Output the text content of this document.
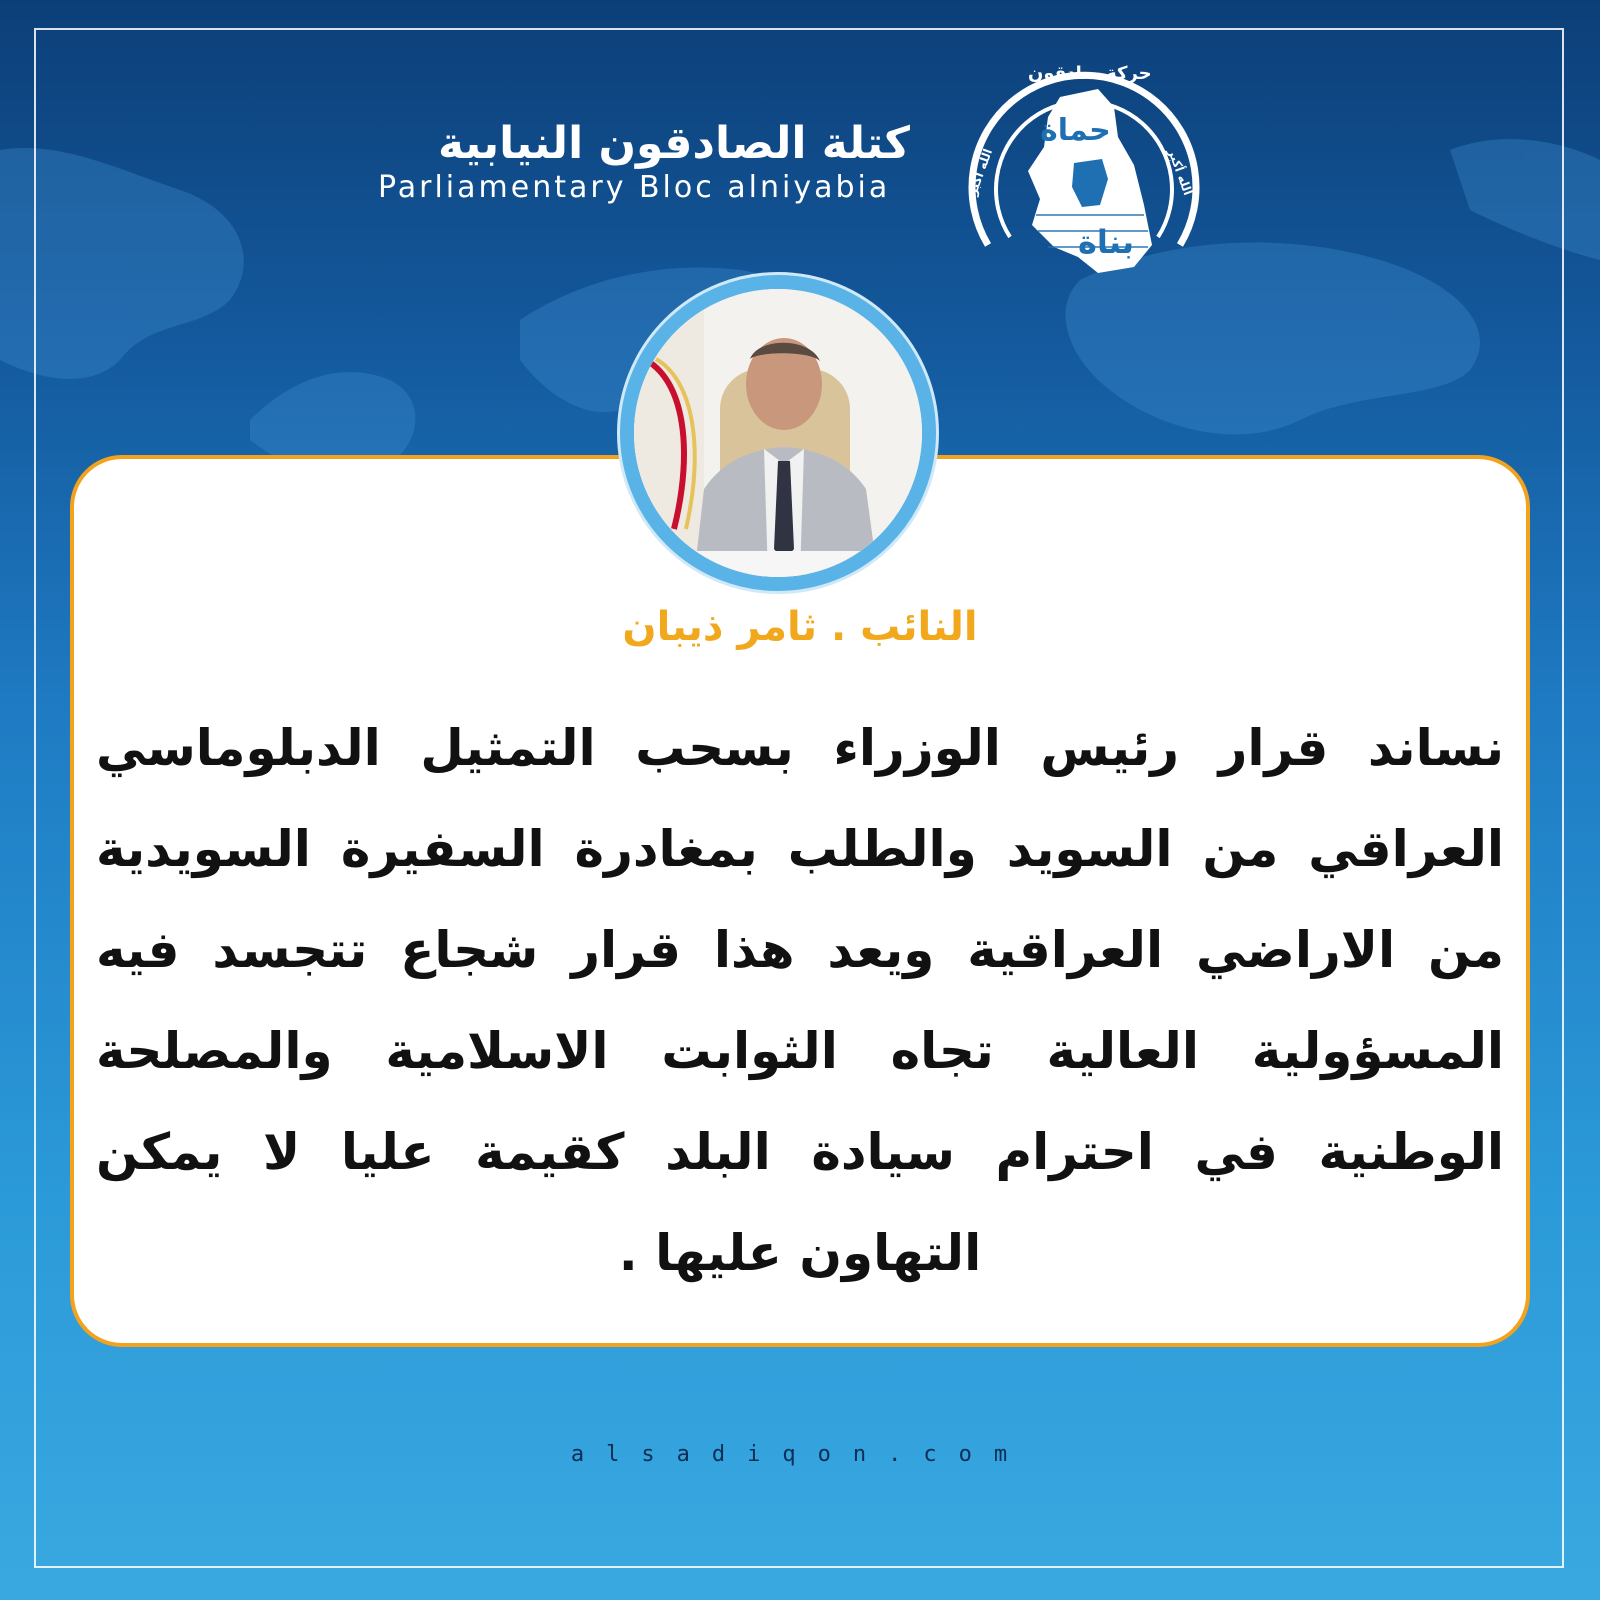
كتلة الصادقون النيابية
Parliamentary Bloc alniyabia
حركة صادقون
حماة
بناة
الله أكبر	الله أكبر
النائب . ثامر ذيبان
نساند قرار رئيس الوزراء بسحب التمثيل الدبلوماسي العراقي من السويد والطلب بمغادرة السفيرة السويدية من الاراضي العراقية ويعد هذا قرار شجاع تتجسد فيه المسؤولية العالية تجاه الثوابت الاسلامية والمصلحة الوطنية في احترام سيادة البلد كقيمة عليا لا يمكن التهاون عليها .
alsadiqon.com
